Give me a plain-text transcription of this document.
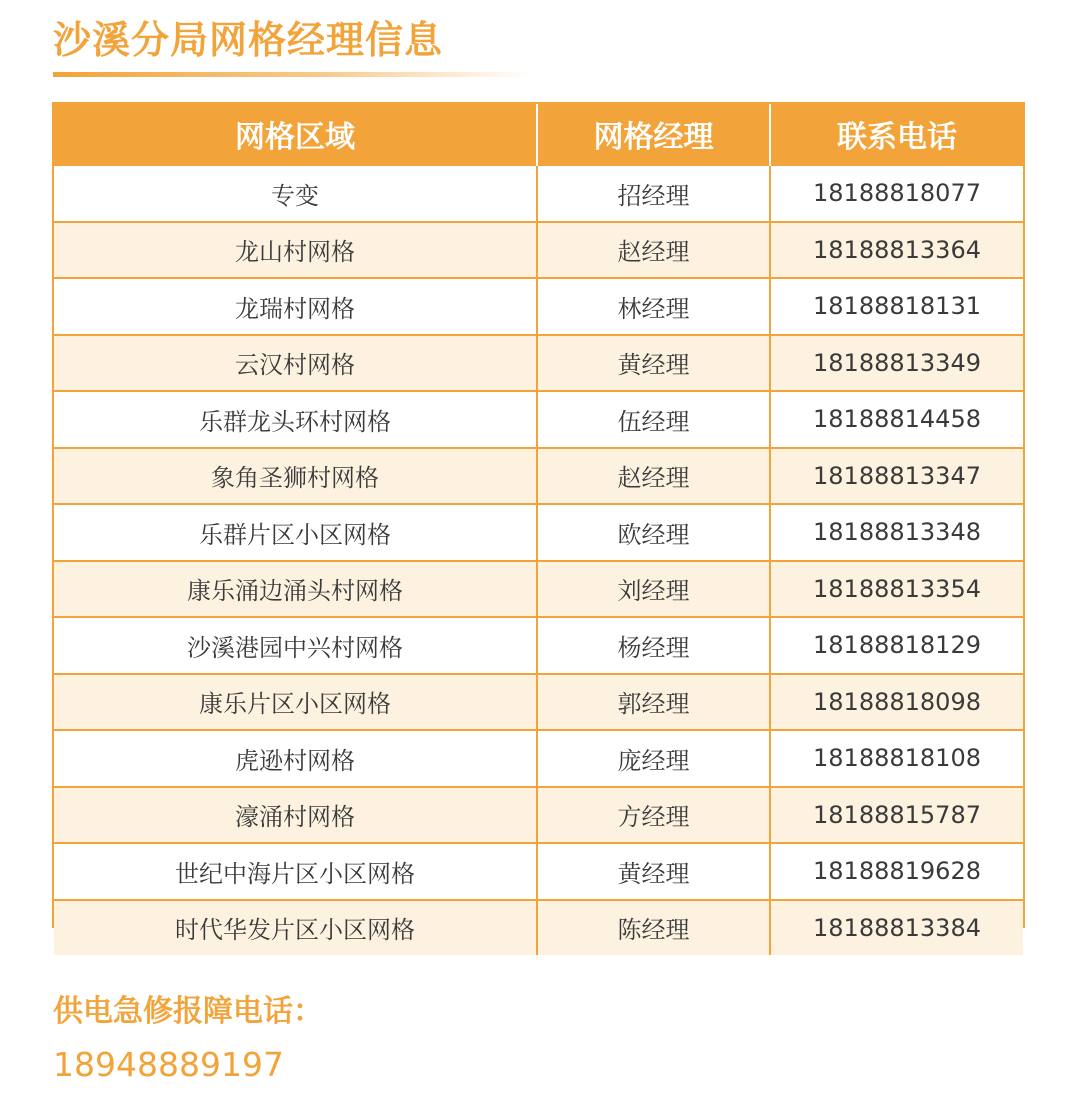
沙溪分局网格经理信息
网格区域	网格经理	联系电话
专变	招经理	18188818077
龙山村网格	赵经理	18188813364
龙瑞村网格	林经理	18188818131
云汉村网格	黄经理	18188813349
乐群龙头环村网格	伍经理	18188814458
象角圣狮村网格	赵经理	18188813347
乐群片区小区网格	欧经理	18188813348
康乐涌边涌头村网格	刘经理	18188813354
沙溪港园中兴村网格	杨经理	18188818129
康乐片区小区网格	郭经理	18188818098
虎逊村网格	庞经理	18188818108
濠涌村网格	方经理	18188815787
世纪中海片区小区网格	黄经理	18188819628
时代华发片区小区网格	陈经理	18188813384
供电急修报障电话：
18948889197
